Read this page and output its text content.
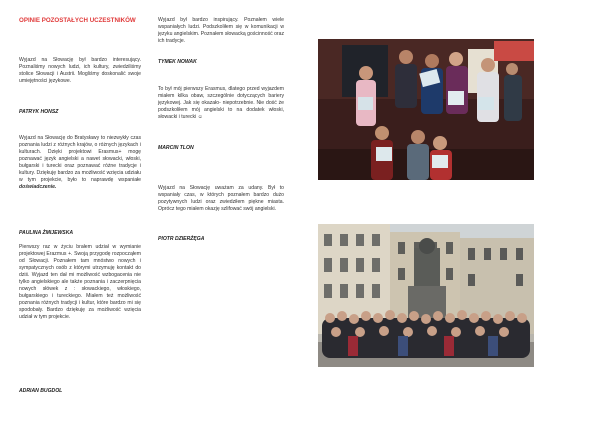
OPINIE POZOSTAŁYCH UCZESTNIKÓW

Wyjazd na Słowację był bardzo interesujący. Poznaliśmy nowych ludzi, ich kultury, zwiedziliśmy stolice Słowacji i Austrii. Mogliśmy doskonalić swoje umiejętności językowe.

PATRYK HONSZ

Wyjazd na Słowację do Bratysławy to niezwykły czas poznania ludzi z różnych krajów, o różnych językach i kulturach. Dzięki projektowi Erasmus+ mogę poznawać język angielski a nawet słowacki, włoski, bułgarski i turecki oraz poznawać różne tradycje i kultury. Dziękuję bardzo za możliwość wzięcia udziału w tym projekcie, było to naprawdę wspaniałe doświadczenie.

PAULINA ŻMIJEWSKA

Pierwszy raz w życiu brałem udział w wymianie projektowej Erazmus +. Swoją przygodę rozpocząłem od Słowacji. Poznałem tam mnóstwo nowych i sympatycznych osób z którymi utrzymuję kontakt do dziś. Wyjazd ten dał mi możliwość wzbogacenia nie tylko angielskiego ale także poznania i zaczerpnięcia nowych słówek z : słowackiego, włoskiego, bułgarskiego i tureckiego. Miałem też możliwość poznania różnych tradycji i kultur, które bardzo mi się spodobały. Bardzo dziękuję za możliwość wzięcia udział w tym projekcie.

ADRIAN BUGDOL

Wyjazd był bardzo inspirujący. Poznałem wiele wspaniałych ludzi. Podszkoliłem się w komunikacji w języku angielskim. Poznałem słowacką gościnność oraz ich tradycje.

TYMEK NOWAK

To był mój pierwszy Erasmus, dlatego przed wyjazdem miałem kilka obaw, szczególnie dotyczących bariery językowej. Jak się okazało- niepotrzebnie. Nie dość że podszkoliłem mój angielski to na dodatek włoski, słowacki i turecki ☺

MARCIN TLON

Wyjazd na Słowację uważam za udany. Był to wspaniały czas, w których poznałem bardzo dużo pozytywnych ludzi oraz zwiedziłem piękne miasta. Oprócz tego miałem okazję szlifować swój angielski.

PIOTR DZIERŻĘGA
